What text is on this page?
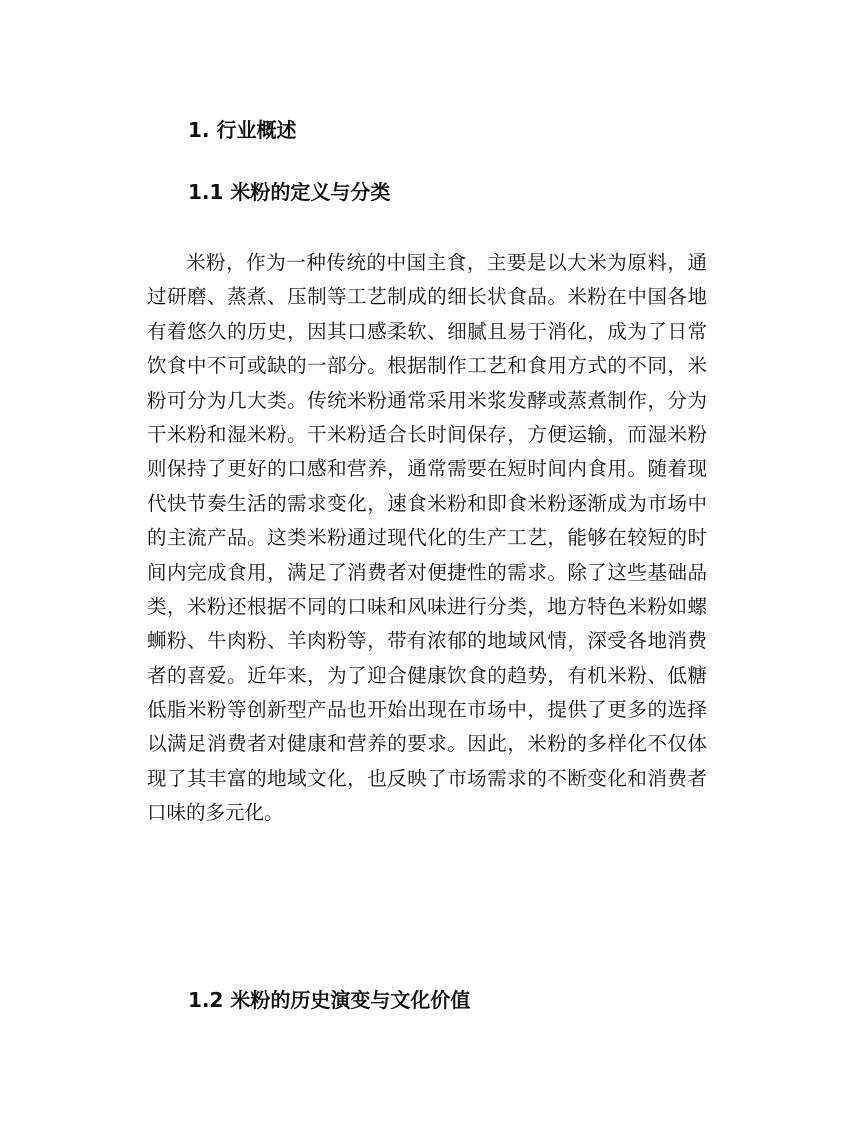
1. 行业概述
1.1 米粉的定义与分类
米粉，作为一种传统的中国主食，主要是以大米为原料，通
过研磨、蒸煮、压制等工艺制成的细长状食品。米粉在中国各地
有着悠久的历史，因其口感柔软、细腻且易于消化，成为了日常
饮食中不可或缺的一部分。根据制作工艺和食用方式的不同，米
粉可分为几大类。传统米粉通常采用米浆发酵或蒸煮制作，分为
干米粉和湿米粉。干米粉适合长时间保存，方便运输，而湿米粉
则保持了更好的口感和营养，通常需要在短时间内食用。随着现
代快节奏生活的需求变化，速食米粉和即食米粉逐渐成为市场中
的主流产品。这类米粉通过现代化的生产工艺，能够在较短的时
间内完成食用，满足了消费者对便捷性的需求。除了这些基础品
类，米粉还根据不同的口味和风味进行分类，地方特色米粉如螺
蛳粉、牛肉粉、羊肉粉等，带有浓郁的地域风情，深受各地消费
者的喜爱。近年来，为了迎合健康饮食的趋势，有机米粉、低糖
低脂米粉等创新型产品也开始出现在市场中，提供了更多的选择
以满足消费者对健康和营养的要求。因此，米粉的多样化不仅体
现了其丰富的地域文化，也反映了市场需求的不断变化和消费者
口味的多元化。
1.2 米粉的历史演变与文化价值
